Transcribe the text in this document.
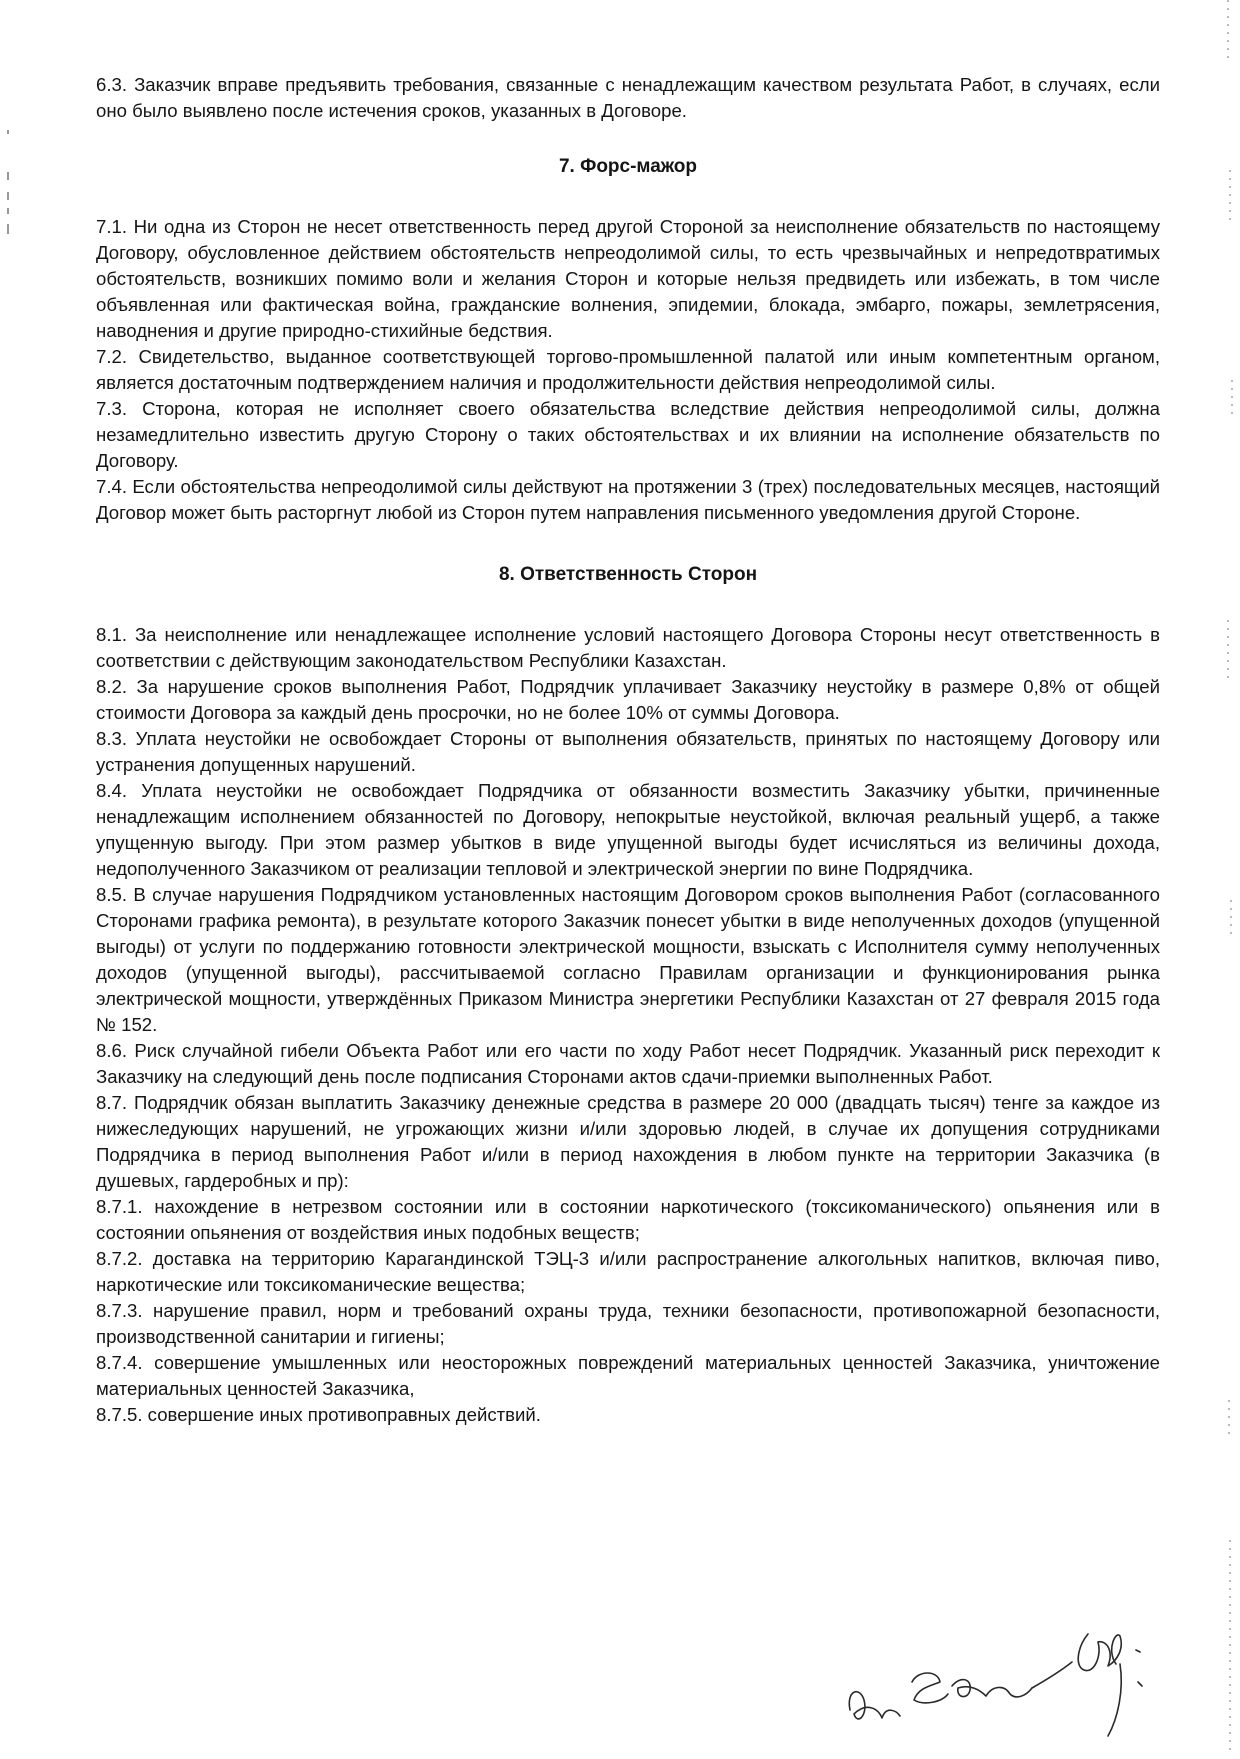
6.3. Заказчик вправе предъявить требования, связанные с ненадлежащим качеством результата Работ, в случаях, если оно было выявлено после истечения сроков, указанных в Договоре.

7. Форс-мажор

7.1. Ни одна из Сторон не несет ответственность перед другой Стороной за неисполнение обязательств по настоящему Договору, обусловленное действием обстоятельств непреодолимой силы, то есть чрезвычайных и непредотвратимых обстоятельств, возникших помимо воли и желания Сторон и которые нельзя предвидеть или избежать, в том числе объявленная или фактическая война, гражданские волнения, эпидемии, блокада, эмбарго, пожары, землетрясения, наводнения и другие природно-стихийные бедствия.

7.2. Свидетельство, выданное соответствующей торгово-промышленной палатой или иным компетентным органом, является достаточным подтверждением наличия и продолжительности действия непреодолимой силы.

7.3. Сторона, которая не исполняет своего обязательства вследствие действия непреодолимой силы, должна незамедлительно известить другую Сторону о таких обстоятельствах и их влиянии на исполнение обязательств по Договору.

7.4. Если обстоятельства непреодолимой силы действуют на протяжении 3 (трех) последовательных месяцев, настоящий Договор может быть расторгнут любой из Сторон путем направления письменного уведомления другой Стороне.

8. Ответственность Сторон

8.1. За неисполнение или ненадлежащее исполнение условий настоящего Договора Стороны несут ответственность в соответствии с действующим законодательством Республики Казахстан.

8.2. За нарушение сроков выполнения Работ, Подрядчик уплачивает Заказчику неустойку в размере 0,8% от общей стоимости Договора за каждый день просрочки, но не более 10% от суммы Договора.

8.3. Уплата неустойки не освобождает Стороны от выполнения обязательств, принятых по настоящему Договору или устранения допущенных нарушений.

8.4. Уплата неустойки не освобождает Подрядчика от обязанности возместить Заказчику убытки, причиненные ненадлежащим исполнением обязанностей по Договору, непокрытые неустойкой, включая реальный ущерб, а также упущенную выгоду. При этом размер убытков в виде упущенной выгоды будет исчисляться из величины дохода, недополученного Заказчиком от реализации тепловой и электрической энергии по вине Подрядчика.

8.5. В случае нарушения Подрядчиком установленных настоящим Договором сроков выполнения Работ (согласованного Сторонами графика ремонта), в результате которого Заказчик понесет убытки в виде неполученных доходов (упущенной выгоды) от услуги по поддержанию готовности электрической мощности, взыскать с Исполнителя сумму неполученных доходов (упущенной выгоды), рассчитываемой согласно Правилам организации и функционирования рынка электрической мощности, утверждённых Приказом Министра энергетики Республики Казахстан от 27 февраля 2015 года № 152.

8.6. Риск случайной гибели Объекта Работ или его части по ходу Работ несет Подрядчик. Указанный риск переходит к Заказчику на следующий день после подписания Сторонами актов сдачи-приемки выполненных Работ.

8.7. Подрядчик обязан выплатить Заказчику денежные средства в размере 20 000 (двадцать тысяч) тенге за каждое из нижеследующих нарушений, не угрожающих жизни и/или здоровью людей, в случае их допущения сотрудниками Подрядчика в период выполнения Работ и/или в период нахождения в любом пункте на территории Заказчика (в душевых, гардеробных и пр):

8.7.1. нахождение в нетрезвом состоянии или в состоянии наркотического (токсикоманического) опьянения или в состоянии опьянения от воздействия иных подобных веществ;

8.7.2. доставка на территорию Карагандинской ТЭЦ-3 и/или распространение алкогольных напитков, включая пиво, наркотические или токсикоманические вещества;

8.7.3. нарушение правил, норм и требований охраны труда, техники безопасности, противопожарной безопасности, производственной санитарии и гигиены;

8.7.4. совершение умышленных или неосторожных повреждений материальных ценностей Заказчика, уничтожение материальных ценностей Заказчика,

8.7.5. совершение иных противоправных действий.
